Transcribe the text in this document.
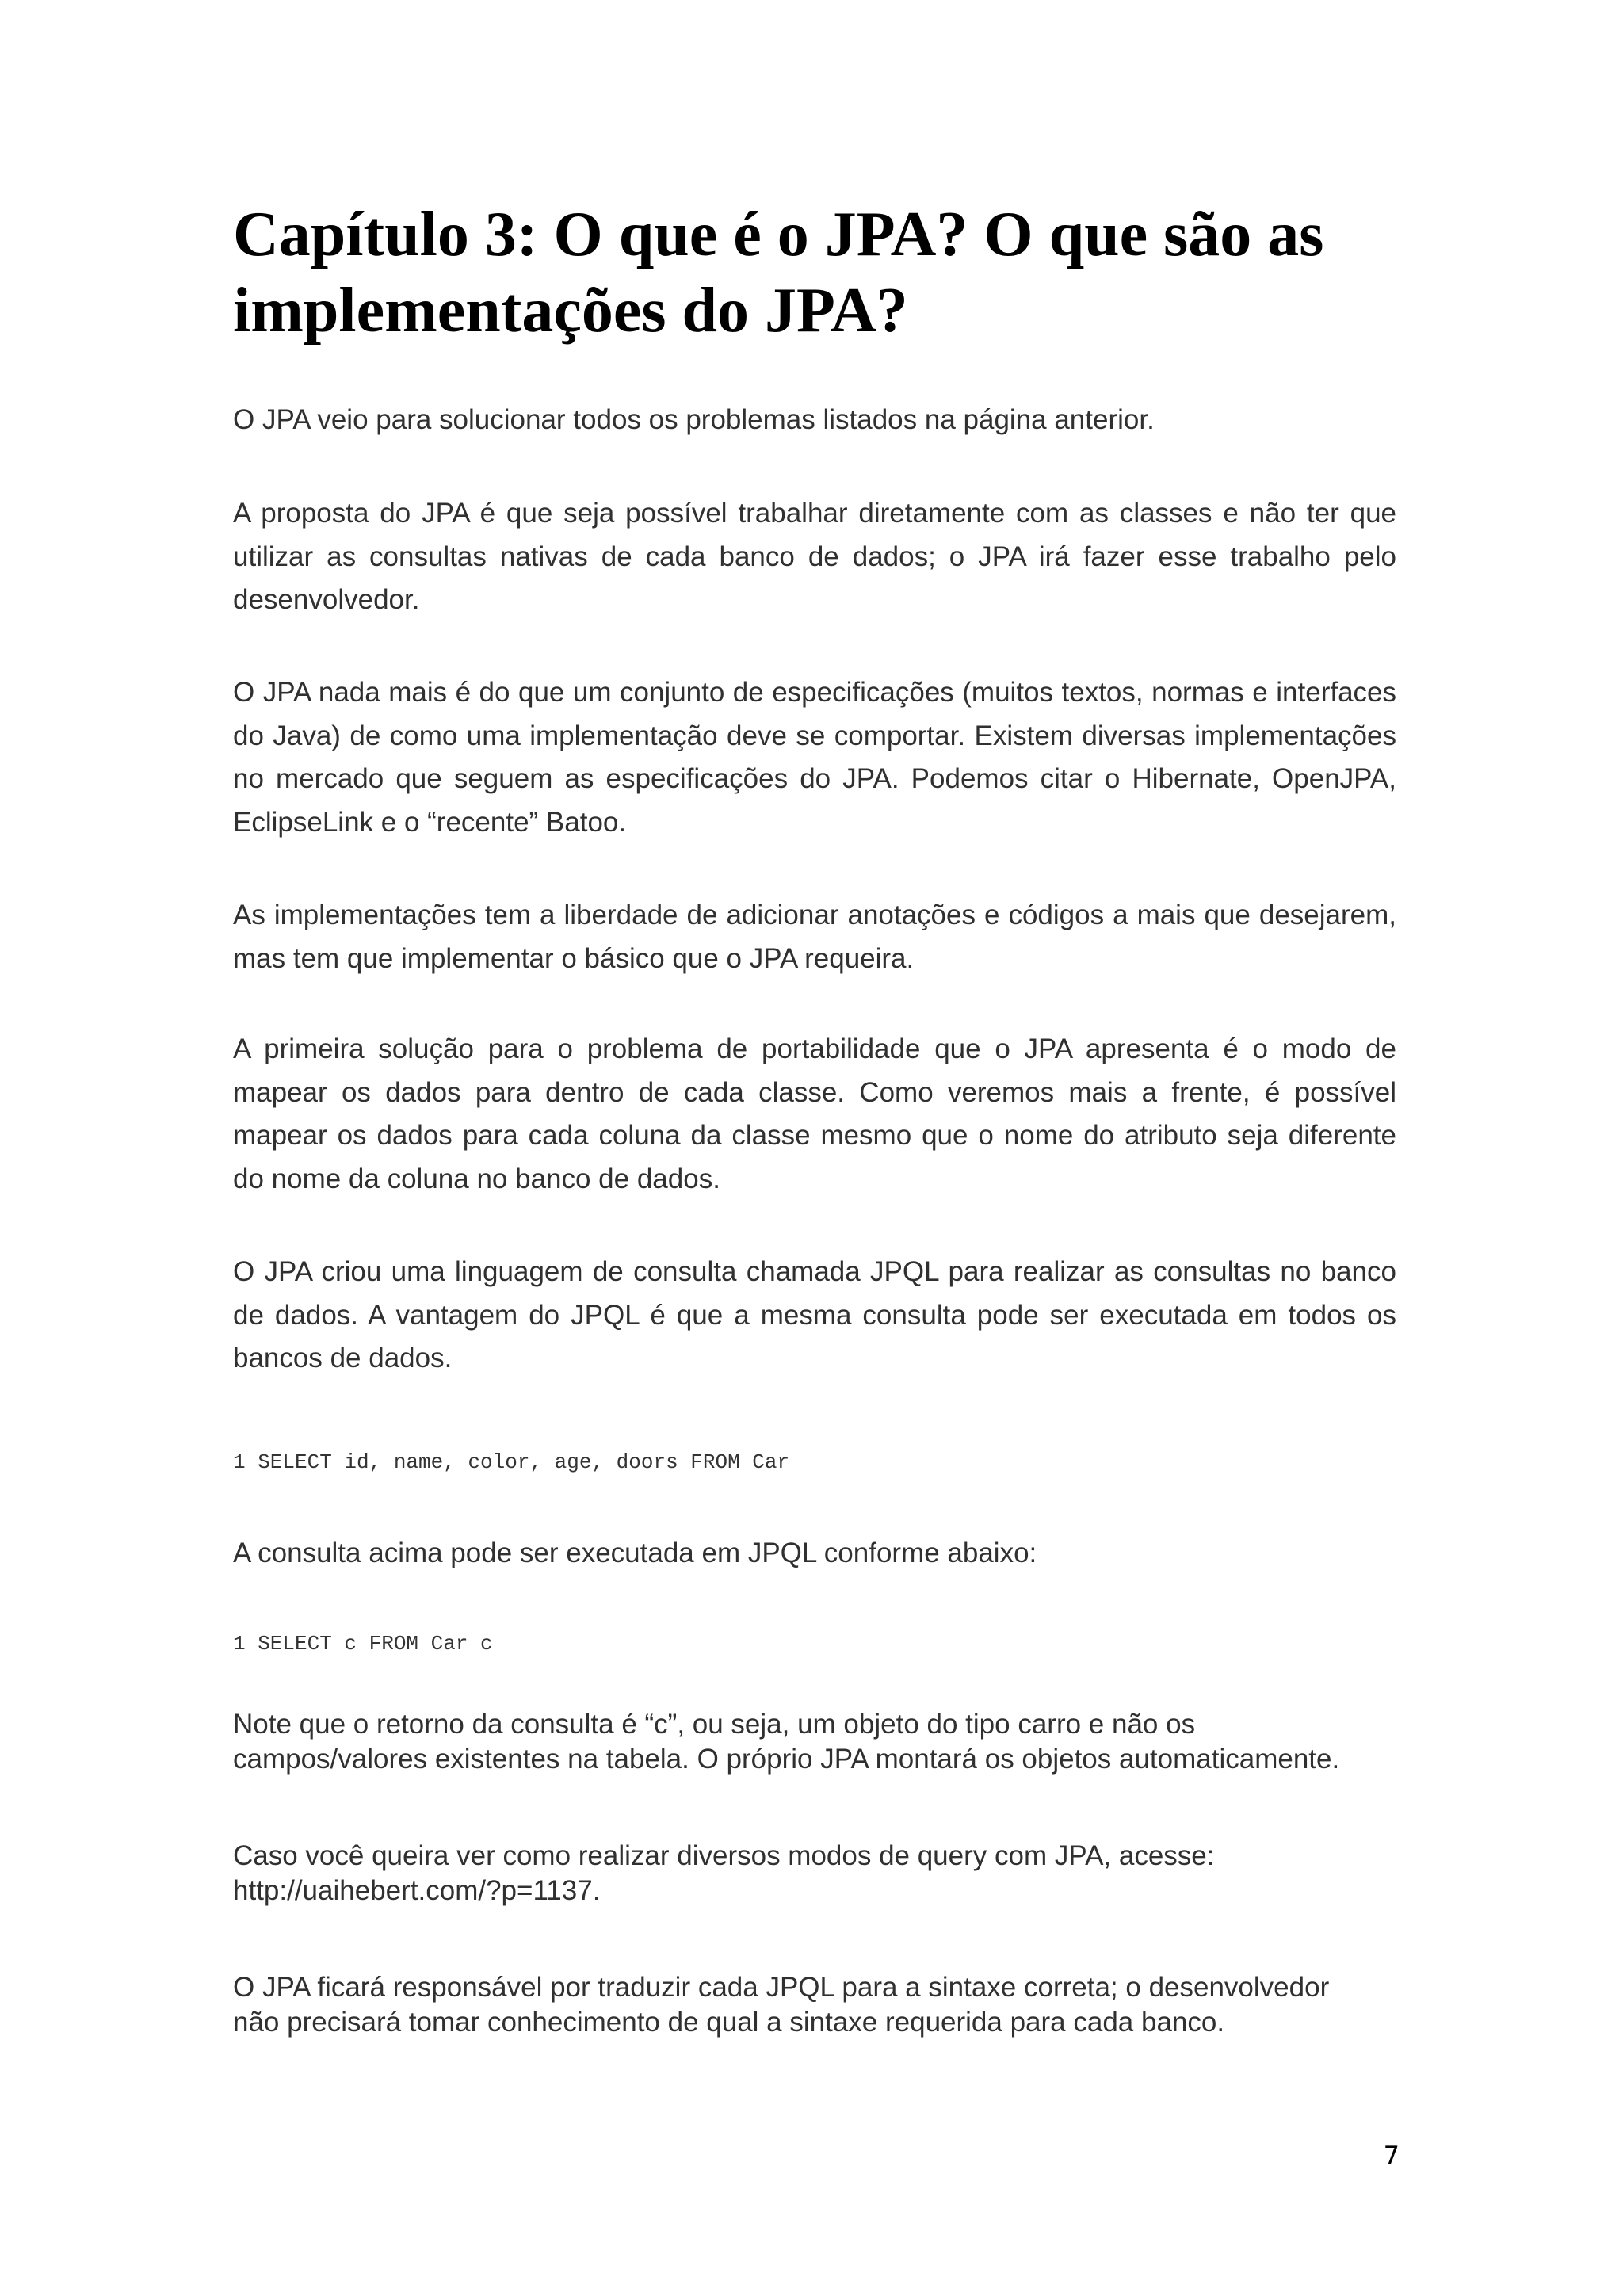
Capítulo 3: O que é o JPA? O que são as implementações do JPA?

O JPA veio para solucionar todos os problemas listados na página anterior.

A proposta do JPA é que seja possível trabalhar diretamente com as classes e não ter que utilizar as consultas nativas de cada banco de dados; o JPA irá fazer esse trabalho pelo desenvolvedor.

O JPA nada mais é do que um conjunto de especificações (muitos textos, normas e interfaces do Java) de como uma implementação deve se comportar. Existem diversas implementações no mercado que seguem as especificações do JPA. Podemos citar o Hibernate, OpenJPA, EclipseLink e o “recente” Batoo.

As implementações tem a liberdade de adicionar anotações e códigos a mais que desejarem, mas tem que implementar o básico que o JPA requeira.

A primeira solução para o problema de portabilidade que o JPA apresenta é o modo de mapear os dados para dentro de cada classe. Como veremos mais a frente, é possível mapear os dados para cada coluna da classe mesmo que o nome do atributo seja diferente do nome da coluna no banco de dados.

O JPA criou uma linguagem de consulta chamada JPQL para realizar as consultas no banco de dados. A vantagem do JPQL é que a mesma consulta pode ser executada em todos os bancos de dados.

1 SELECT id, name, color, age, doors FROM Car

A consulta acima pode ser executada em JPQL conforme abaixo:

1 SELECT c FROM Car c

Note que o retorno da consulta é “c”, ou seja, um objeto do tipo carro e não os
campos/valores existentes na tabela. O próprio JPA montará os objetos automaticamente.

Caso você queira ver como realizar diversos modos de query com JPA, acesse:
http://uaihebert.com/?p=1137.

O JPA ficará responsável por traduzir cada JPQL para a sintaxe correta; o desenvolvedor
não precisará tomar conhecimento de qual a sintaxe requerida para cada banco.

7
